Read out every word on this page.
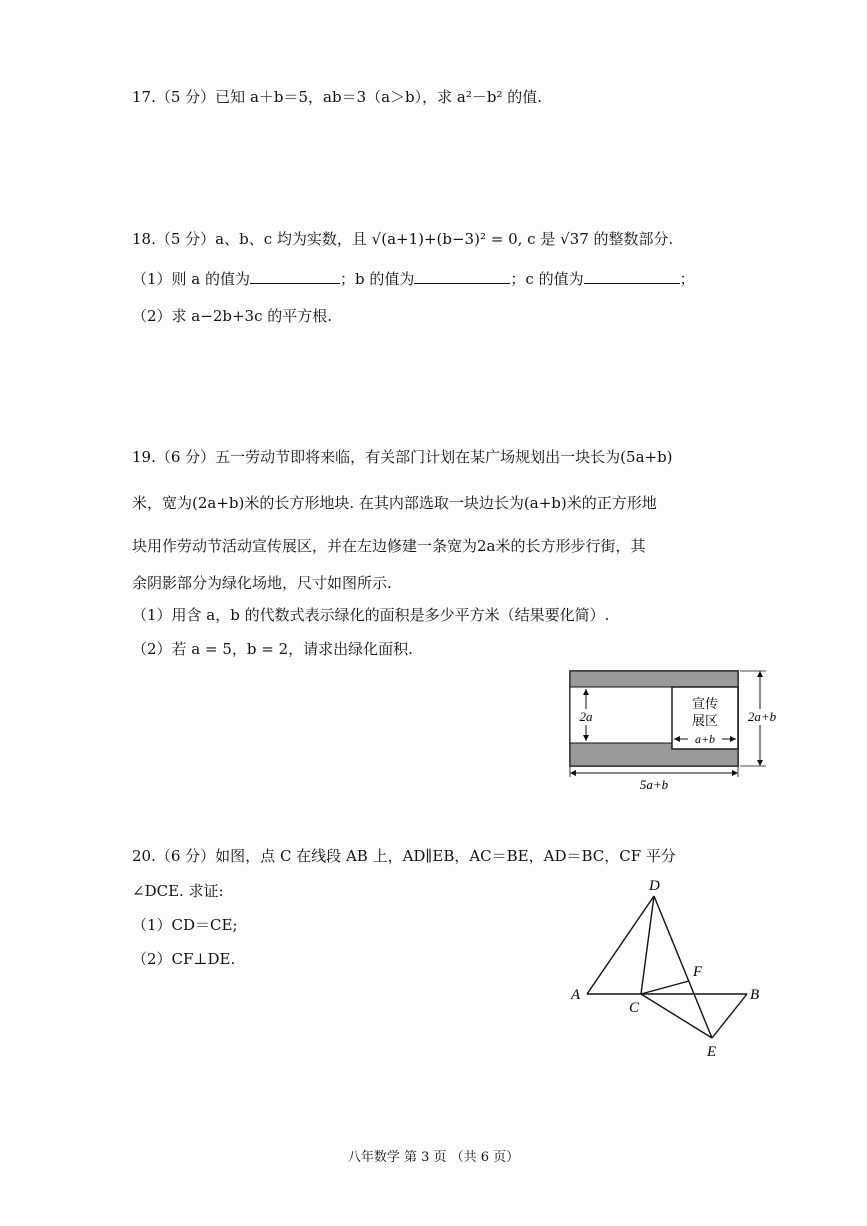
17.（5 分）已知 a＋b＝5，ab＝3（a＞b），求 a²－b² 的值.
18.（5 分）a、b、c 均为实数，且 √(a+1)+(b−3)² = 0, c 是 √37 的整数部分.
（1）则 a 的值为	；b 的值为	；c 的值为	；
（2）求 a−2b+3c 的平方根.
19.（6 分）五一劳动节即将来临，有关部门计划在某广场规划出一块长为(5a+b)
米，宽为(2a+b)米的长方形地块. 在其内部选取一块边长为(a+b)米的正方形地
块用作劳动节活动宣传展区，并在左边修建一条宽为2a米的长方形步行街，其
余阴影部分为绿化场地，尺寸如图所示.
（1）用含 a，b 的代数式表示绿化的面积是多少平方米（结果要化简）.
（2）若 a = 5，b = 2，请求出绿化面积.
宣传
展区
a+b
2a	2a+b
5a+b
20.（6 分）如图，点 C 在线段 AB 上，AD∥EB，AC＝BE，AD＝BC，CF 平分
∠DCE. 求证:
（1）CD＝CE;
（2）CF⊥DE.
D
A	B
C
F
E
八年数学 第 3 页 （共 6 页）
